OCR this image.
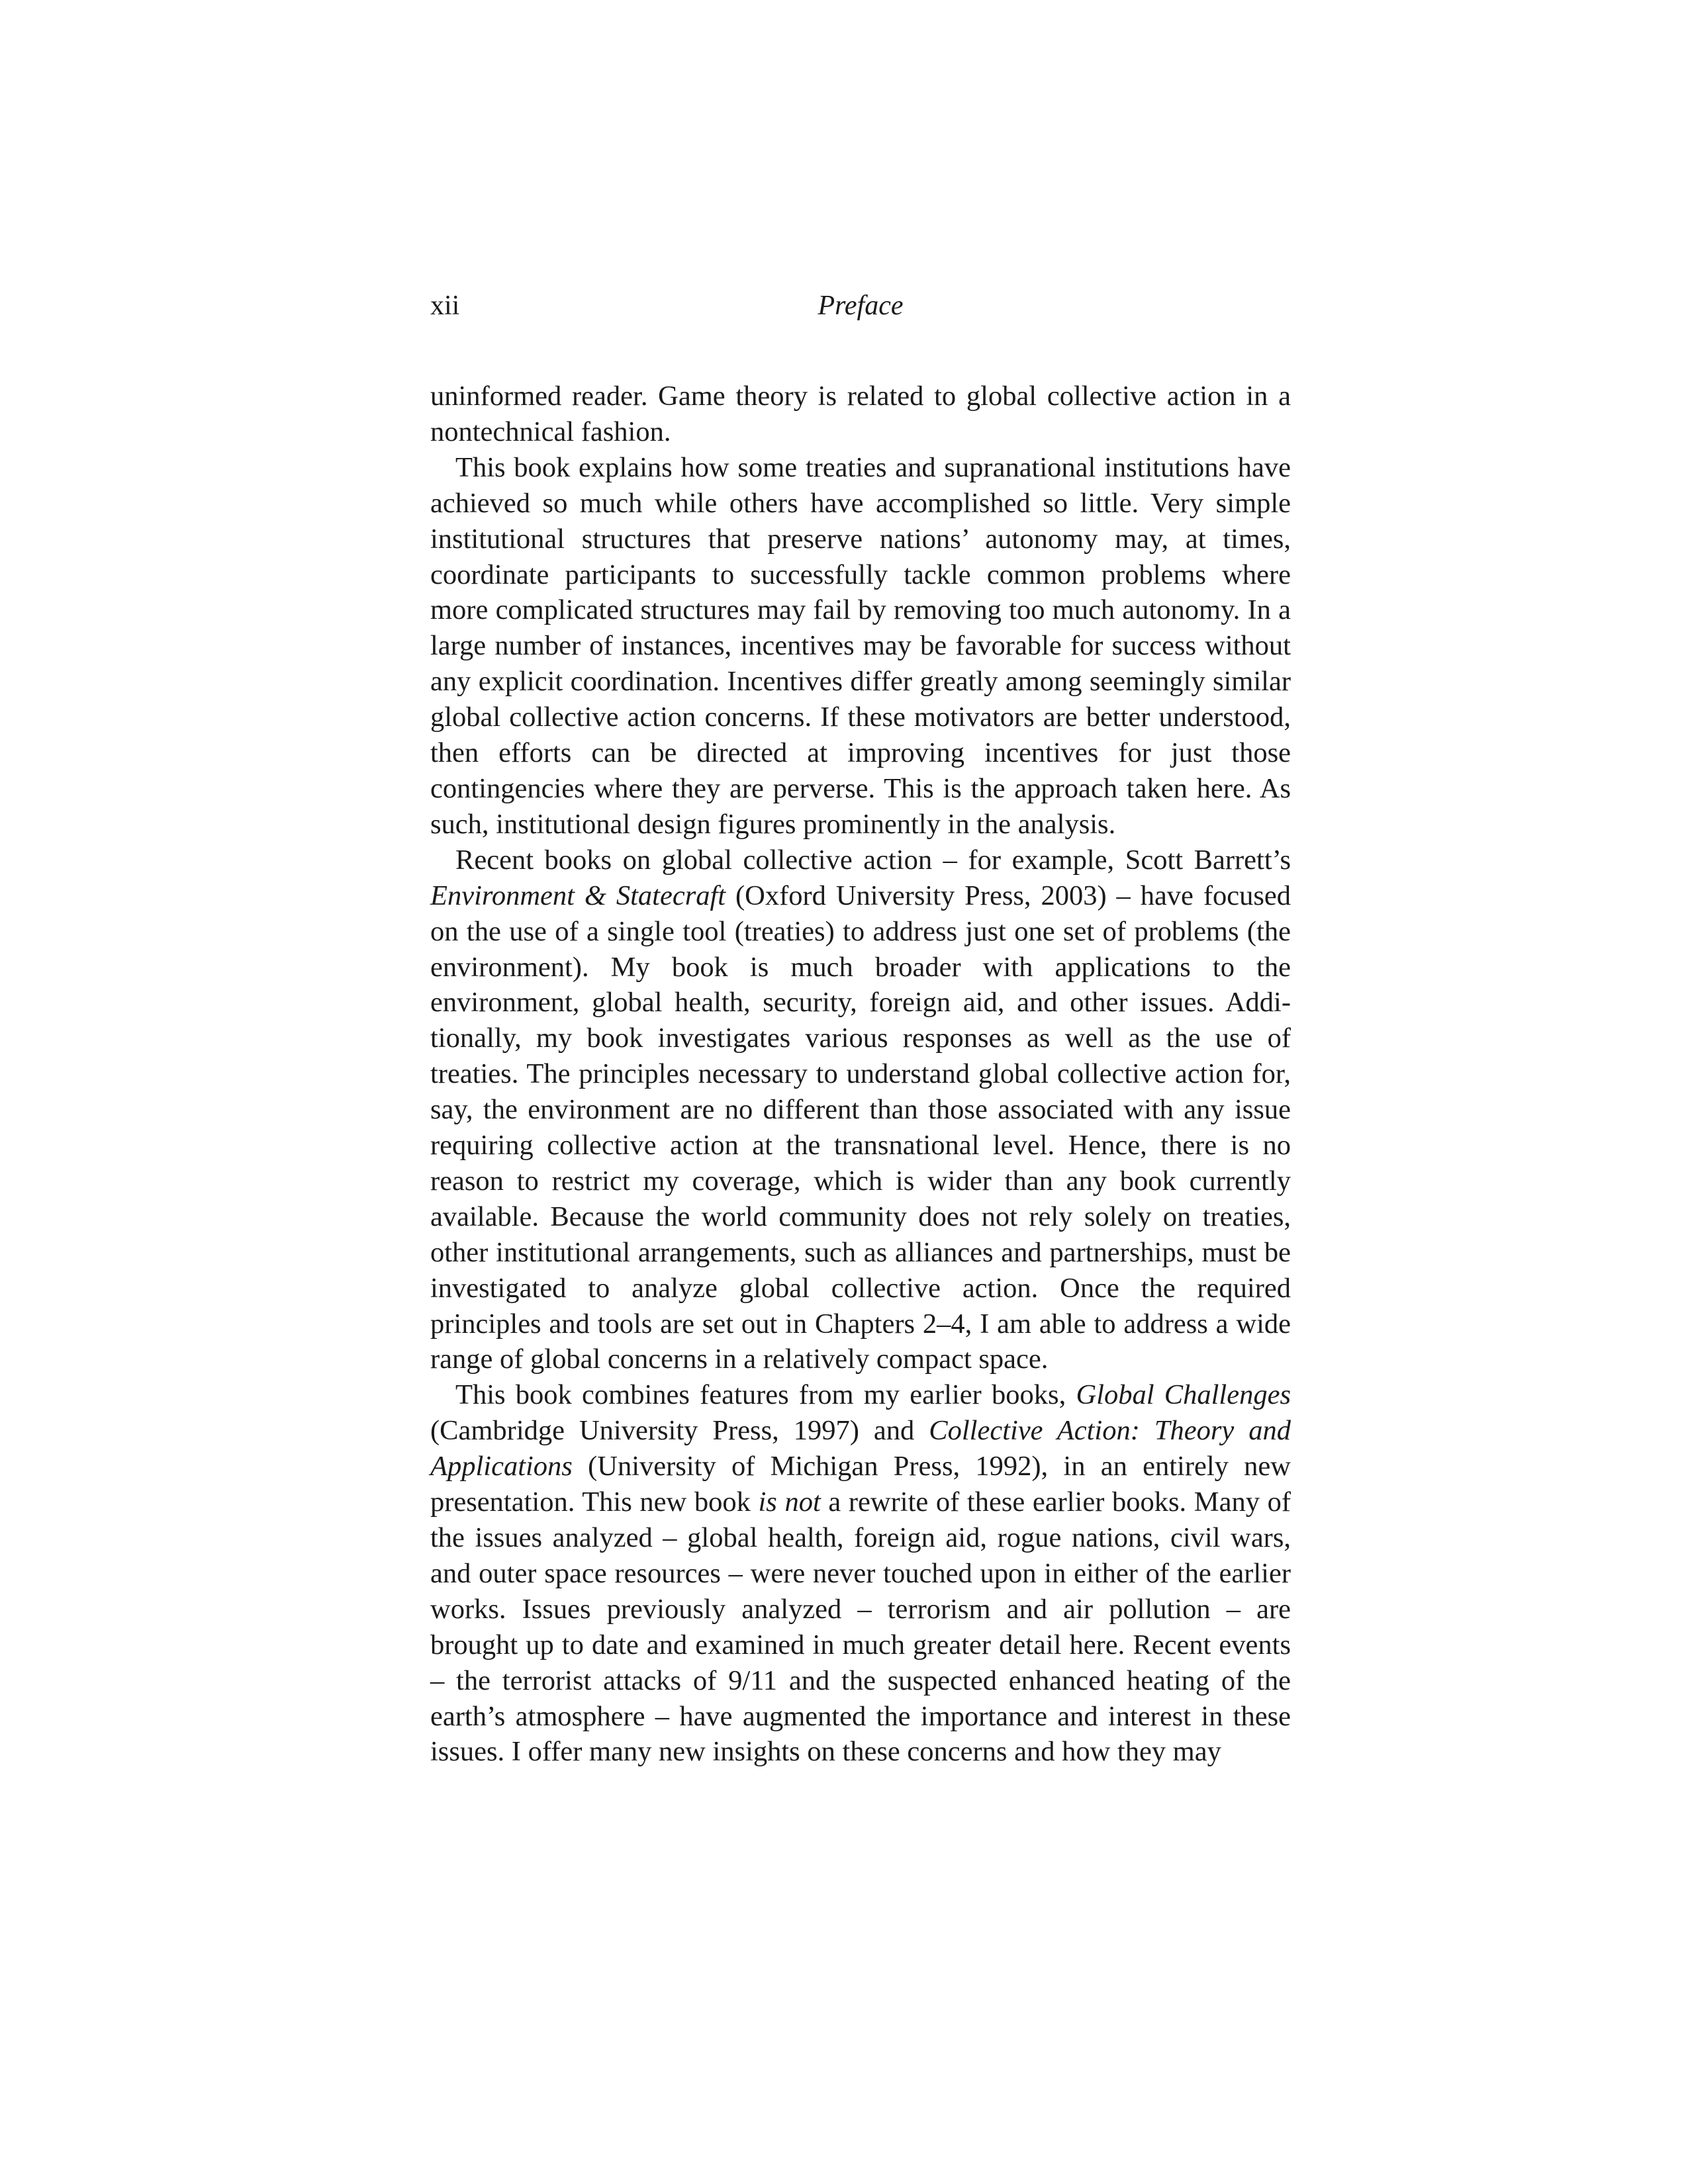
xii	Preface

uninformed reader. Game theory is related to global collective action in a nontechnical fashion.

This book explains how some treaties and supranational institutions have achieved so much while others have accomplished so little. Very simple institutional structures that preserve nations’ autonomy may, at times, coordinate participants to successfully tackle common problems where more complicated structures may fail by removing too much autonomy. In a large number of instances, incentives may be favorable for success without any explicit coordination. Incentives differ greatly among seemingly similar global collective action concerns. If these motivators are better understood, then efforts can be directed at improving incentives for just those contingencies where they are perverse. This is the approach taken here. As such, institutional design figures prominently in the analysis.

Recent books on global collective action – for example, Scott Barrett’s Environment & Statecraft (Oxford University Press, 2003) – have focused on the use of a single tool (treaties) to address just one set of problems (the environment). My book is much broader with applications to the environment, global health, security, foreign aid, and other issues. Additionally, my book investigates various responses as well as the use of treaties. The principles necessary to understand global collective action for, say, the environment are no different than those associated with any issue requiring collective action at the transnational level. Hence, there is no reason to restrict my coverage, which is wider than any book currently available. Because the world community does not rely solely on treaties, other institutional arrangements, such as alliances and partnerships, must be investigated to analyze global collective action. Once the required principles and tools are set out in Chapters 2–4, I am able to address a wide range of global concerns in a relatively compact space.

This book combines features from my earlier books, Global Challenges (Cambridge University Press, 1997) and Collective Action: Theory and Applications (University of Michigan Press, 1992), in an entirely new presentation. This new book is not a rewrite of these earlier books. Many of the issues analyzed – global health, foreign aid, rogue nations, civil wars, and outer space resources – were never touched upon in either of the earlier works. Issues previously analyzed – terrorism and air pollution – are brought up to date and examined in much greater detail here. Recent events – the terrorist attacks of 9/11 and the suspected enhanced heating of the earth’s atmosphere – have augmented the importance and interest in these issues. I offer many new insights on these concerns and how they may
